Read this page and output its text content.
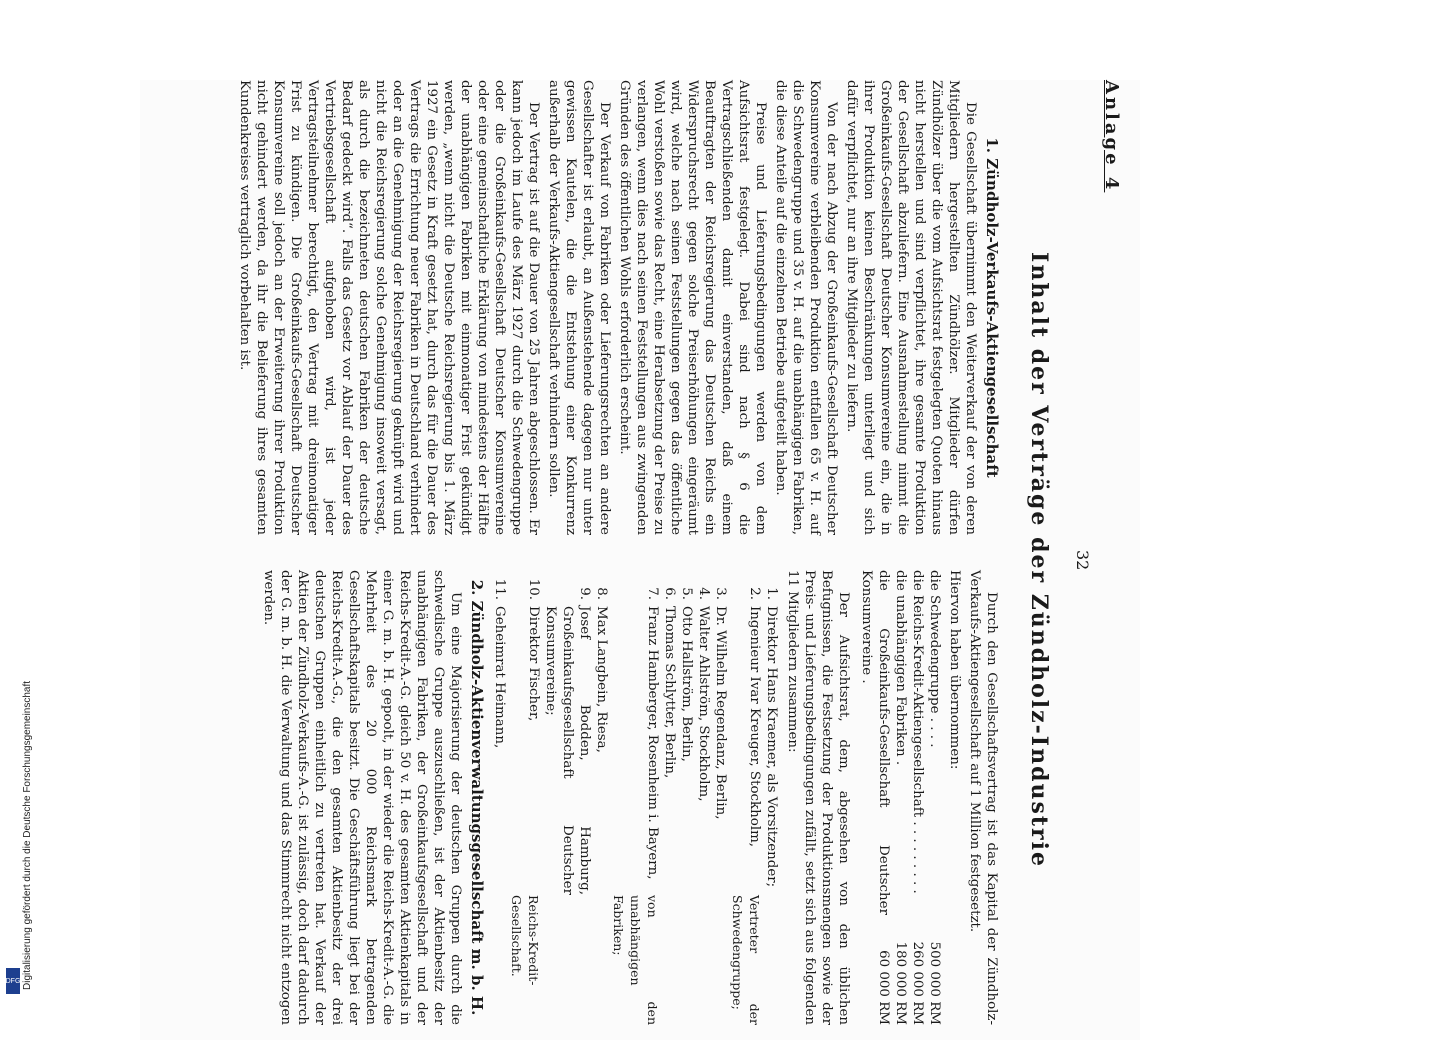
Anlage 4
32
Inhalt der Verträge der Zündholz-Industrie
1. Zündholz-Verkaufs-Aktiengesellschaft

Die Gesellschaft übernimmt den Weiterverkauf der von deren Mitgliedern hergestellten Zündhölzer. Mitglieder dürfen Zündhölzer über die vom Aufsichtsrat festgelegten Quoten hinaus nicht herstellen und sind verpflichtet, ihre gesamte Produktion der Gesellschaft abzuliefern. Eine Ausnahmestellung nimmt die Großeinkaufs-Gesellschaft Deutscher Konsumvereine ein, die in ihrer Produktion keinen Beschränkungen unterliegt und sich dafür verpflichtet, nur an ihre Mitglieder zu liefern.

Von der nach Abzug der Großeinkaufs-Gesellschaft Deutscher Konsumvereine verbleibenden Produktion entfallen 65 v. H. auf die Schwedengruppe und 35 v. H. auf die unabhängigen Fabriken, die diese Anteile auf die einzelnen Betriebe aufgeteilt haben.

Preise und Lieferungsbedingungen werden von dem Aufsichtsrat festgelegt. Dabei sind nach § 6 die Vertragschließenden damit einverstanden, daß einem Beauftragten der Reichsregierung das Deutschen Reichs ein Widerspruchsrecht gegen solche Preiserhöhungen eingeräumt wird, welche nach seinen Feststellungen gegen das öffentliche Wohl verstoßen sowie das Recht, eine Herabsetzung der Preise zu verlangen, wenn dies nach seinen Feststellungen aus zwingenden Gründen des öffentlichen Wohls erforderlich erscheint.

Der Verkauf von Fabriken oder Lieferungsrechten an andere Gesellschafter ist erlaubt, an Außenstehende dagegen nur unter gewissen Kautelen, die die Entstehung einer Konkurrenz außerhalb der Verkaufs-Aktiengesellschaft verhindern sollen.

Der Vertrag ist auf die Dauer von 25 Jahren abgeschlossen. Er kann jedoch im Laufe des März 1927 durch die Schwedengruppe oder die Großeinkaufs-Gesellschaft Deutscher Konsumvereine oder eine gemeinschaftliche Erklärung von mindestens der Hälfte der unabhängigen Fabriken mit einmonatiger Frist gekündigt werden, „wenn nicht die Deutsche Reichsregierung bis 1. März 1927 ein Gesetz in Kraft gesetzt hat, durch das für die Dauer des Vertrags die Errichtung neuer Fabriken in Deutschland verhindert oder an die Genehmigung der Reichsregierung geknüpft wird und nicht die Reichsregierung solche Genehmigung insoweit versagt, als durch die bezeichneten deutschen Fabriken der deutsche Bedarf gedeckt wird“. Falls das Gesetz vor Ablauf der Dauer des Vertriebsgesellschaft aufgehoben wird, ist jeder Vertragsteilnehmer berechtigt, den Vertrag mit dreimonatiger Frist zu kündigen. Die Großeinkaufs-Gesellschaft Deutscher Konsumvereine soll jedoch an der Erweiterung ihrer Produktion nicht gehindert werden, da ihr die Belieferung ihres gesamten Kundenkreises vertraglich vorbehalten ist.

Durch den Gesellschaftsvertrag ist das Kapital der Zündholz-Verkaufs-Aktiengesellschaft auf 1 Million festgesetzt.

Hiervon haben übernommen:

die Schwedengruppe . . . .	500 000 RM
die Reichs-Kredit-Aktiengesellschaft . . . . . . . . .	260 000 RM
die unabhängigen Fabriken .	180 000 RM
die Großeinkaufs-Gesellschaft Deutscher Konsumvereine .	60 000 RM

Der Aufsichtsrat, dem, abgesehen von den üblichen Befugnissen, die Festsetzung der Produktionsmengen sowie der Preis- und Lieferungsbedingungen zufällt, setzt sich aus folgenden 11 Mitgliedern zusammen:

1.
Direktor Hans Kraemer, als Vorsitzender;
2.
Ingenieur Ivar Kreuger, Stockholm,
Vertreter der Schwedengruppe;
3.
Dr. Wilhelm Regendanz, Berlin,
4.
Walter Ahlström, Stockholm,
5.
Otto Hallström, Berlin,
6.
Thomas Schlytter, Berlin,
7.
Franz Hamberger, Rosenheim i. Bayern,
von den unabhängigen Fabriken;
8.
Max Langbein, Riesa,
9.
Josef Bodden, Hamburg, Großeinkaufsgesellschaft Deutscher Konsumvereine;
10.
Direktor Fischer,
Reichs-Kredit-Gesellschaft.
11.
Geheimrat Heimann,
2. Zündholz-Aktienverwaltungsgesellschaft m. b. H.

Um eine Majorisierung der deutschen Gruppen durch die schwedische Gruppe auszuschließen, ist der Aktienbesitz der unabhängigen Fabriken, der Großeinkaufsgesellschaft und der Reichs-Kredit-A.-G. gleich 50 v. H. des gesamten Aktienkapitals in einer G. m. b. H. gepoolt, in der wieder die Reichs-Kredit-A.-G. die Mehrheit des 20 000 Reichsmark betragenden Gesellschaftskapitals besitzt. Die Geschäftsführung liegt bei der Reichs-Kredit-A.-G., die den gesamten Aktienbesitz der drei deutschen Gruppen einheitlich zu vertreten hat. Verkauf der Aktien der Zündholz-Verkaufs-A.-G. ist zulässig, doch darf dadurch der G. m. b. H. die Verwaltung und das Stimmrecht nicht entzogen werden.

Digitalisierung gefördert durch die Deutsche Forschungsgemeinschaft
DFG
